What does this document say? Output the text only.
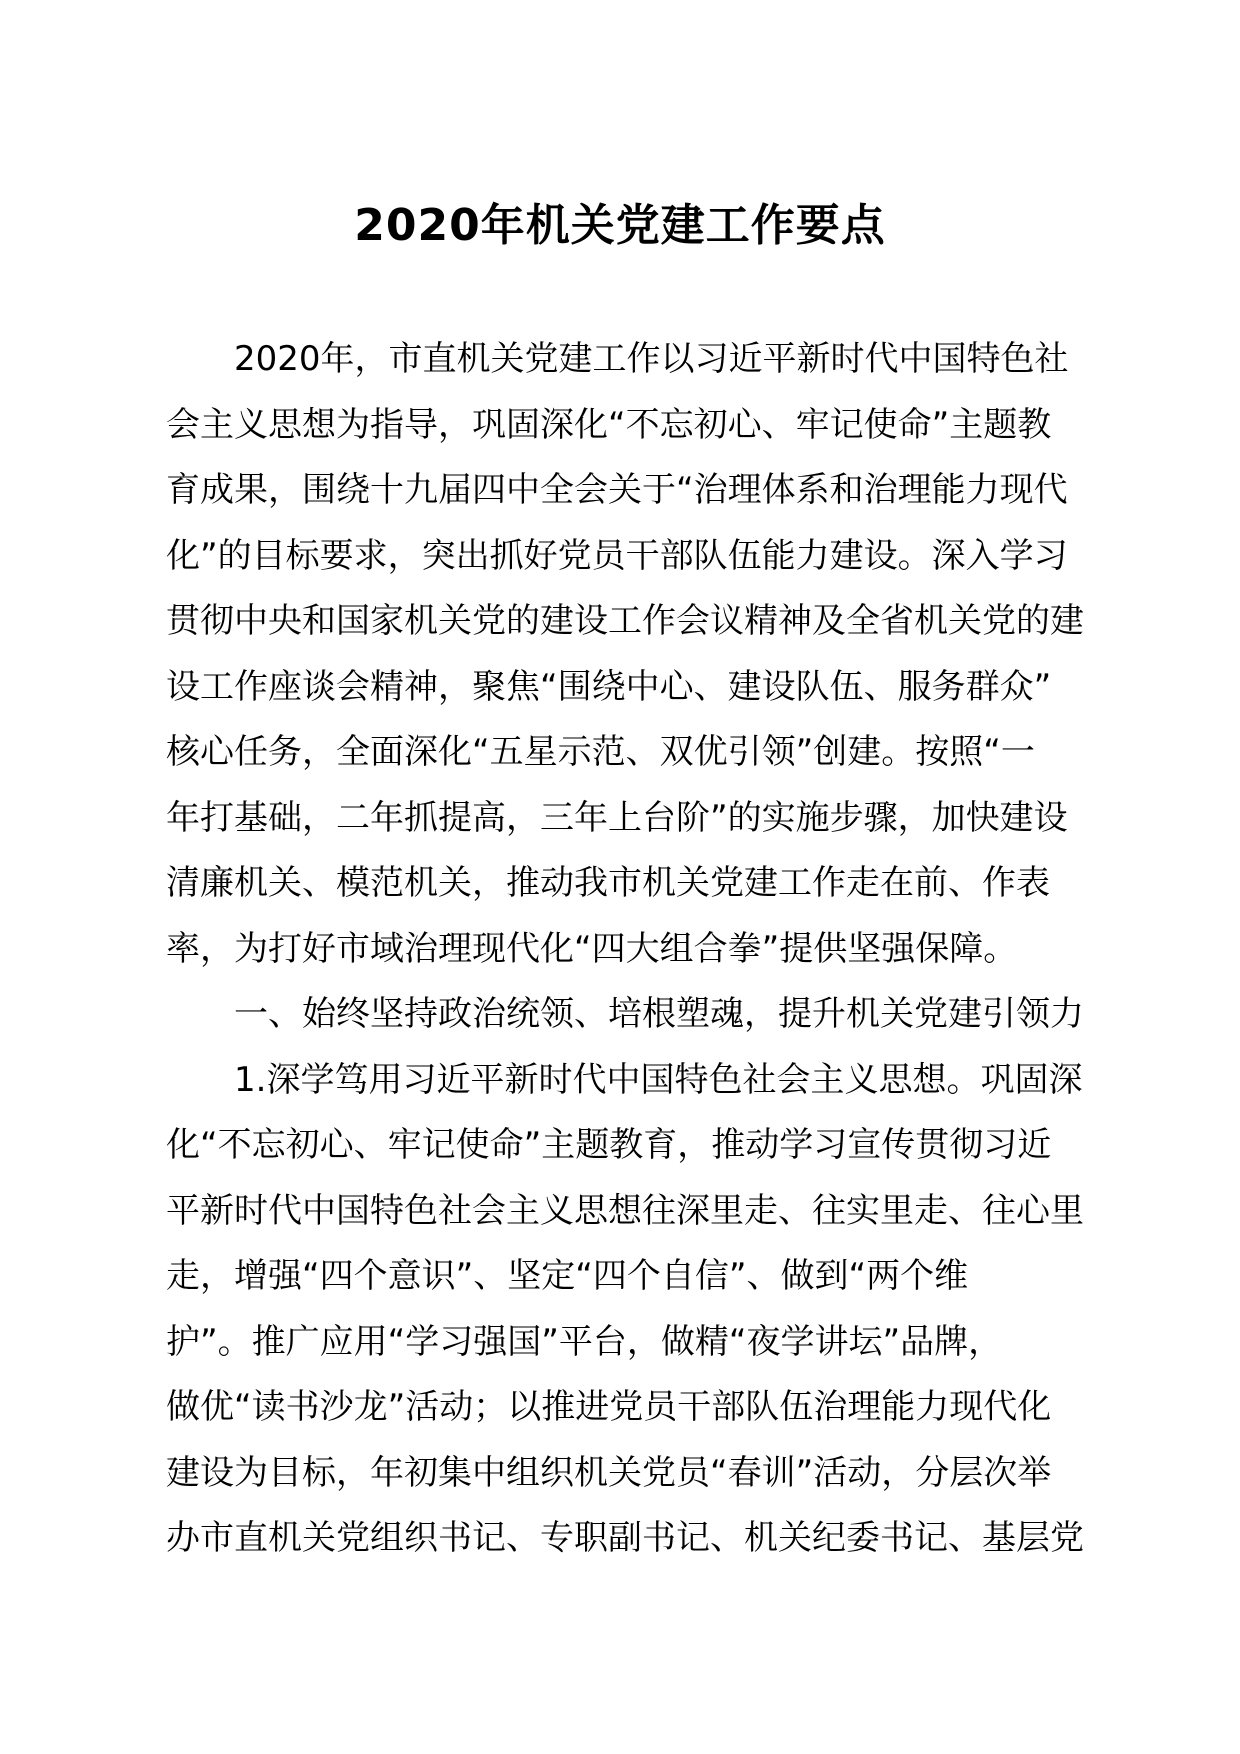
2020年机关党建工作要点
2020年，市直机关党建工作以习近平新时代中国特色社
会主义思想为指导，巩固深化“不忘初心、牢记使命”主题教
育成果，围绕十九届四中全会关于“治理体系和治理能力现代
化”的目标要求，突出抓好党员干部队伍能力建设。深入学习
贯彻中央和国家机关党的建设工作会议精神及全省机关党的建
设工作座谈会精神，聚焦“围绕中心、建设队伍、服务群众”
核心任务，全面深化“五星示范、双优引领”创建。按照“一
年打基础，二年抓提高，三年上台阶”的实施步骤，加快建设
清廉机关、模范机关，推动我市机关党建工作走在前、作表
率，为打好市域治理现代化“四大组合拳”提供坚强保障。
一、始终坚持政治统领、培根塑魂，提升机关党建引领力
1.深学笃用习近平新时代中国特色社会主义思想。巩固深
化“不忘初心、牢记使命”主题教育，推动学习宣传贯彻习近
平新时代中国特色社会主义思想往深里走、往实里走、往心里
走，增强“四个意识”、坚定“四个自信”、做到“两个维
护”。推广应用“学习强国”平台，做精“夜学讲坛”品牌，
做优“读书沙龙”活动；以推进党员干部队伍治理能力现代化
建设为目标，年初集中组织机关党员“春训”活动，分层次举
办市直机关党组织书记、专职副书记、机关纪委书记、基层党
